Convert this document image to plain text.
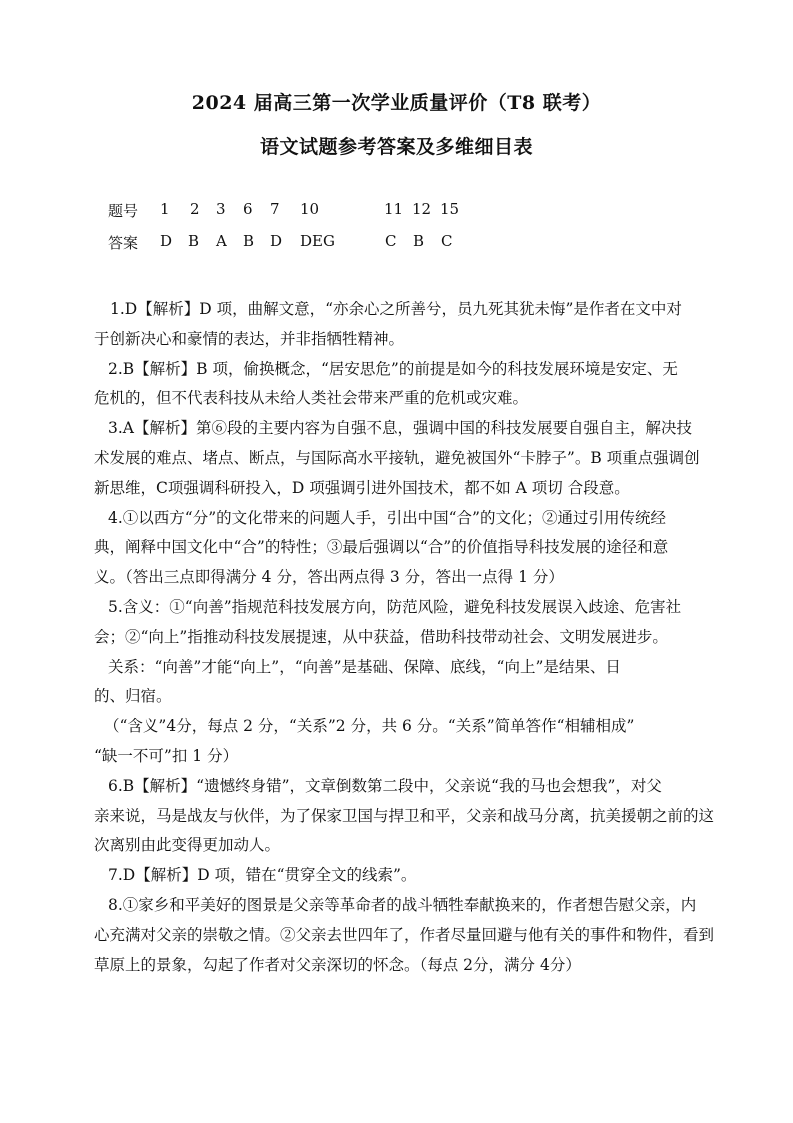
2024 届高三第一次学业质量评价（T8 联考）
语文试题参考答案及多维细目表
题号 1 2 3 6 7 10	11 12 15
答案 D B A B D DEG	C B C
1.D【解析】D 项，曲解文意，“亦余心之所善兮，员九死其犹未悔”是作者在文中对
于创新决心和豪情的表达，并非指牺牲精神。
2.B【解析】B 项，偷换概念，“居安思危”的前提是如今的科技发展环境是安定、无
危机的，但不代表科技从未给人类社会带来严重的危机或灾难。
3.A【解析】第⑥段的主要内容为自强不息，强调中国的科技发展要自强自主，解决技
术发展的难点、堵点、断点，与国际高水平接轨，避免被国外“卡脖子”。B 项重点强调创
新思维，C项强调科研投入，D 项强调引进外国技术，都不如 A 项切 合段意。
4.①以西方“分”的文化带来的问题人手，引出中国“合”的文化；②通过引用传统经
典，阐释中国文化中“合”的特性；③最后强调以“合”的价值指导科技发展的途径和意
义。（答出三点即得满分 4 分，答出两点得 3 分，答出一点得 1 分）
5.含义：①“向善”指规范科技发展方向，防范风险，避免科技发展误入歧途、危害社
会；②“向上”指推动科技发展提速，从中获益，借助科技带动社会、文明发展进步。
关系：“向善”才能“向上”，“向善”是基础、保障、底线，“向上”是结果、日
的、归宿。
（“含义”4分，每点 2 分，“关系”2 分，共 6 分。“关系”简单答作“相辅相成”
“缺一不可”扣 1 分）
6.B【解析】“遗憾终身错”，文章倒数第二段中，父亲说“我的马也会想我”，对父
亲来说，马是战友与伙伴，为了保家卫国与捍卫和平，父亲和战马分离，抗美援朝之前的这
次离别由此变得更加动人。
7.D【解析】D 项，错在“贯穿全文的线索”。
8.①家乡和平美好的图景是父亲等革命者的战斗牺牲奉献换来的，作者想告慰父亲，内
心充满对父亲的崇敬之情。②父亲去世四年了，作者尽量回避与他有关的事件和物件，看到
草原上的景象，勾起了作者对父亲深切的怀念。（每点 2分，满分 4分）
